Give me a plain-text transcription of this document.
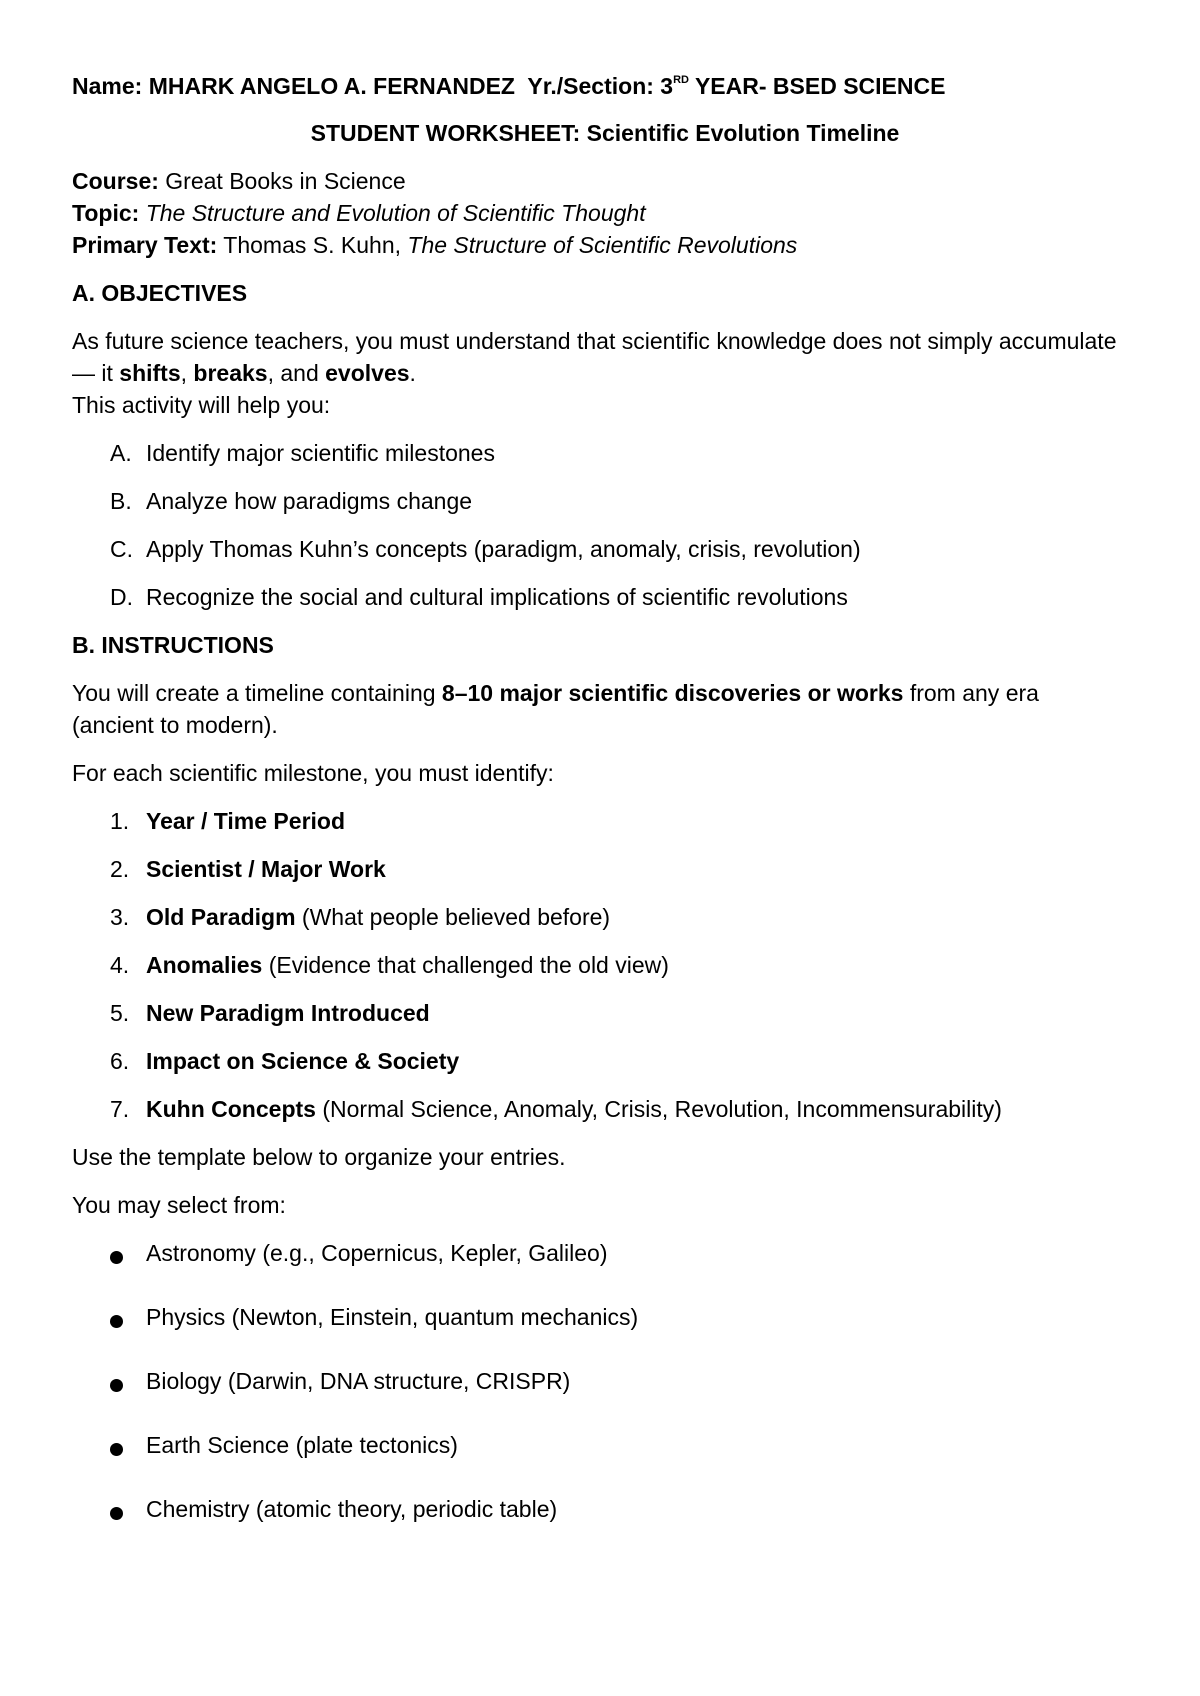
Name: MHARK ANGELO A. FERNANDEZ Yr./Section: 3RD YEAR- BSED SCIENCE

STUDENT WORKSHEET: Scientific Evolution Timeline

Course: Great Books in Science

Topic: The Structure and Evolution of Scientific Thought

Primary Text: Thomas S. Kuhn, The Structure of Scientific Revolutions

A. OBJECTIVES

As future science teachers, you must understand that scientific knowledge does not simply accumulate — it shifts, breaks, and evolves.

This activity will help you:

A. Identify major scientific milestones
B. Analyze how paradigms change
C. Apply Thomas Kuhn’s concepts (paradigm, anomaly, crisis, revolution)
D. Recognize the social and cultural implications of scientific revolutions

B. INSTRUCTIONS

You will create a timeline containing 8–10 major scientific discoveries or works from any era (ancient to modern).

For each scientific milestone, you must identify:

1. Year / Time Period
2. Scientist / Major Work
3. Old Paradigm (What people believed before)
4. Anomalies (Evidence that challenged the old view)
5. New Paradigm Introduced
6. Impact on Science & Society
7. Kuhn Concepts (Normal Science, Anomaly, Crisis, Revolution, Incommensurability)

Use the template below to organize your entries.

You may select from:

Astronomy (e.g., Copernicus, Kepler, Galileo)
Physics (Newton, Einstein, quantum mechanics)
Biology (Darwin, DNA structure, CRISPR)
Earth Science (plate tectonics)
Chemistry (atomic theory, periodic table)
